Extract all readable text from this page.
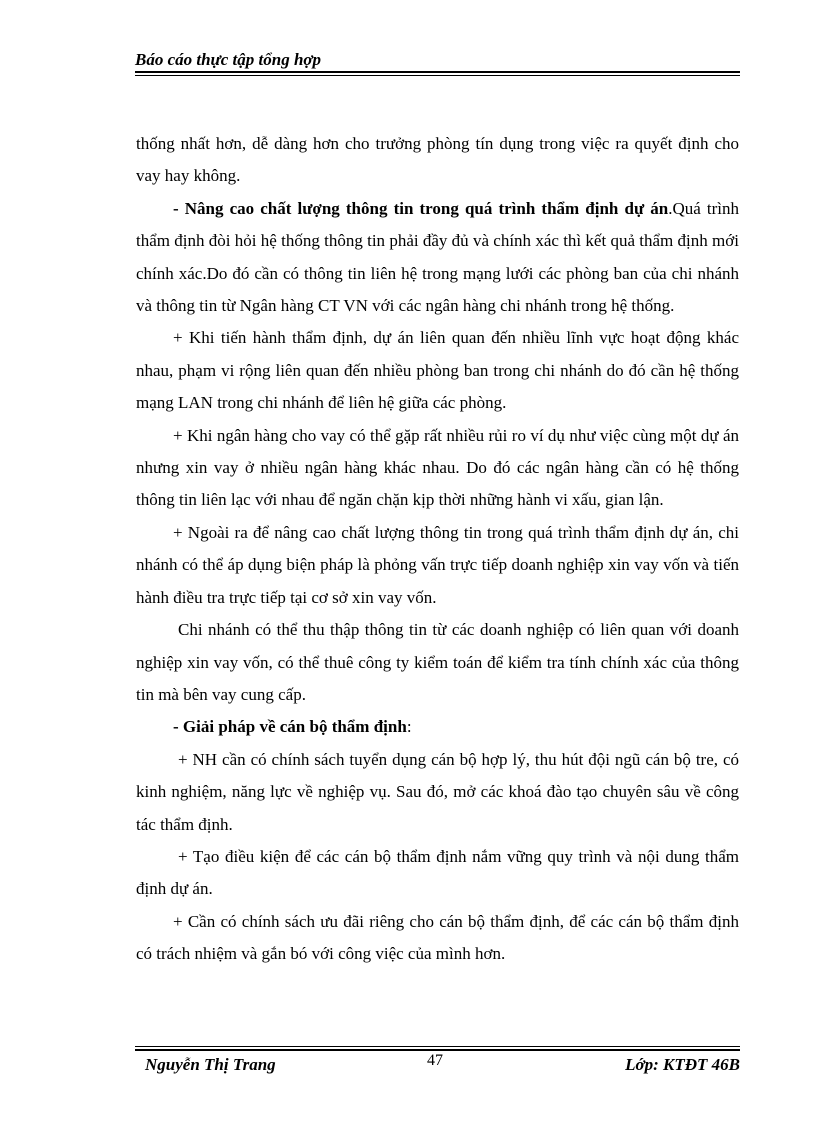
Báo cáo thực tập tổng hợp

thống nhất hơn, dễ dàng hơn cho trưởng phòng tín dụng trong việc ra quyết định cho vay hay không.

- Nâng cao chất lượng thông tin trong quá trình thẩm định dự án.Quá trình thẩm định đòi hỏi hệ thống thông tin phải đầy đủ và chính xác thì kết quả thẩm định mới chính xác.Do đó cần có thông tin liên hệ trong mạng lưới các phòng ban của chi nhánh và thông tin từ Ngân hàng CT VN với các ngân hàng chi nhánh trong hệ thống.

+ Khi tiến hành thẩm định, dự án liên quan đến nhiều lĩnh vực hoạt động khác nhau, phạm vi rộng liên quan đến nhiều phòng ban trong chi nhánh do đó cần hệ thống mạng LAN trong chi nhánh để liên hệ giữa các phòng.

+ Khi ngân hàng cho vay có thể gặp rất nhiều rủi ro ví dụ như việc cùng một dự án nhưng xin vay ở nhiều ngân hàng khác nhau. Do đó các ngân hàng cần có hệ thống thông tin liên lạc với nhau để ngăn chặn kịp thời những hành vi xấu, gian lận.

+ Ngoài ra để nâng cao chất lượng thông tin trong quá trình thẩm định dự án, chi nhánh có thể áp dụng biện pháp là phỏng vấn trực tiếp doanh nghiệp xin vay vốn và tiến hành điều tra trực tiếp tại cơ sở xin vay vốn.

Chi nhánh có thể thu thập thông tin từ các doanh nghiệp có liên quan với doanh nghiệp xin vay vốn, có thể thuê công ty kiểm toán để kiểm tra tính chính xác của thông tin mà bên vay cung cấp.

- Giải pháp về cán bộ thẩm định:

+ NH cần có chính sách tuyển dụng cán bộ hợp lý, thu hút đội ngũ cán bộ tre, có kinh nghiệm, năng lực về nghiệp vụ. Sau đó, mở các khoá đào tạo chuyên sâu về công tác thẩm định.

+ Tạo điều kiện để các cán bộ thẩm định nắm vững quy trình và nội dung thẩm định dự án.

+ Cần có chính sách ưu đãi riêng cho cán bộ thẩm định, để các cán bộ thẩm định có trách nhiệm và gắn bó với công việc của mình hơn.

Nguyễn Thị Trang	47	Lớp: KTĐT 46B
